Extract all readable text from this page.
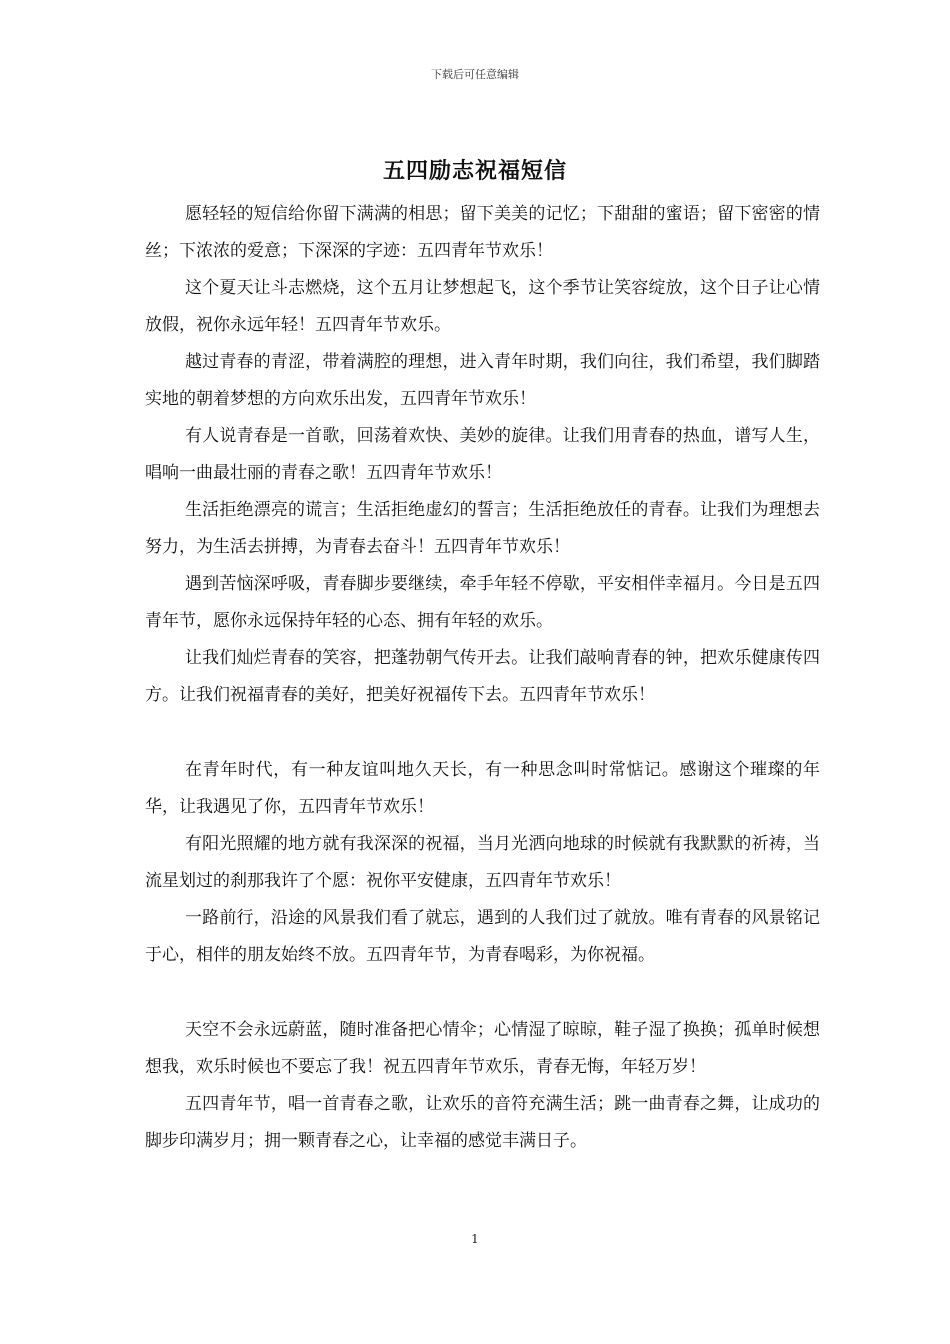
下载后可任意编辑
五四励志祝福短信

愿轻轻的短信给你留下满满的相思；留下美美的记忆；下甜甜的蜜语；留下密密的情丝；下浓浓的爱意；下深深的字迹：五四青年节欢乐！

这个夏天让斗志燃烧，这个五月让梦想起飞，这个季节让笑容绽放，这个日子让心情放假，祝你永远年轻！五四青年节欢乐。

越过青春的青涩，带着满腔的理想，进入青年时期，我们向往，我们希望，我们脚踏实地的朝着梦想的方向欢乐出发，五四青年节欢乐！

有人说青春是一首歌，回荡着欢快、美妙的旋律。让我们用青春的热血，谱写人生，唱响一曲最壮丽的青春之歌！五四青年节欢乐！

生活拒绝漂亮的谎言；生活拒绝虚幻的誓言；生活拒绝放任的青春。让我们为理想去努力，为生活去拼搏，为青春去奋斗！五四青年节欢乐！

遇到苦恼深呼吸，青春脚步要继续，牵手年轻不停歇，平安相伴幸福月。今日是五四青年节，愿你永远保持年轻的心态、拥有年轻的欢乐。

让我们灿烂青春的笑容，把蓬勃朝气传开去。让我们敲响青春的钟，把欢乐健康传四方。让我们祝福青春的美好，把美好祝福传下去。五四青年节欢乐！

在青年时代，有一种友谊叫地久天长，有一种思念叫时常惦记。感谢这个璀璨的年华，让我遇见了你，五四青年节欢乐！

有阳光照耀的地方就有我深深的祝福，当月光洒向地球的时候就有我默默的祈祷，当流星划过的刹那我许了个愿：祝你平安健康，五四青年节欢乐！

一路前行，沿途的风景我们看了就忘，遇到的人我们过了就放。唯有青春的风景铭记于心，相伴的朋友始终不放。五四青年节，为青春喝彩，为你祝福。

天空不会永远蔚蓝，随时准备把心情伞；心情湿了晾晾，鞋子湿了换换；孤单时候想想我，欢乐时候也不要忘了我！祝五四青年节欢乐，青春无悔，年轻万岁！

五四青年节，唱一首青春之歌，让欢乐的音符充满生活；跳一曲青春之舞，让成功的脚步印满岁月；拥一颗青春之心，让幸福的感觉丰满日子。

1
